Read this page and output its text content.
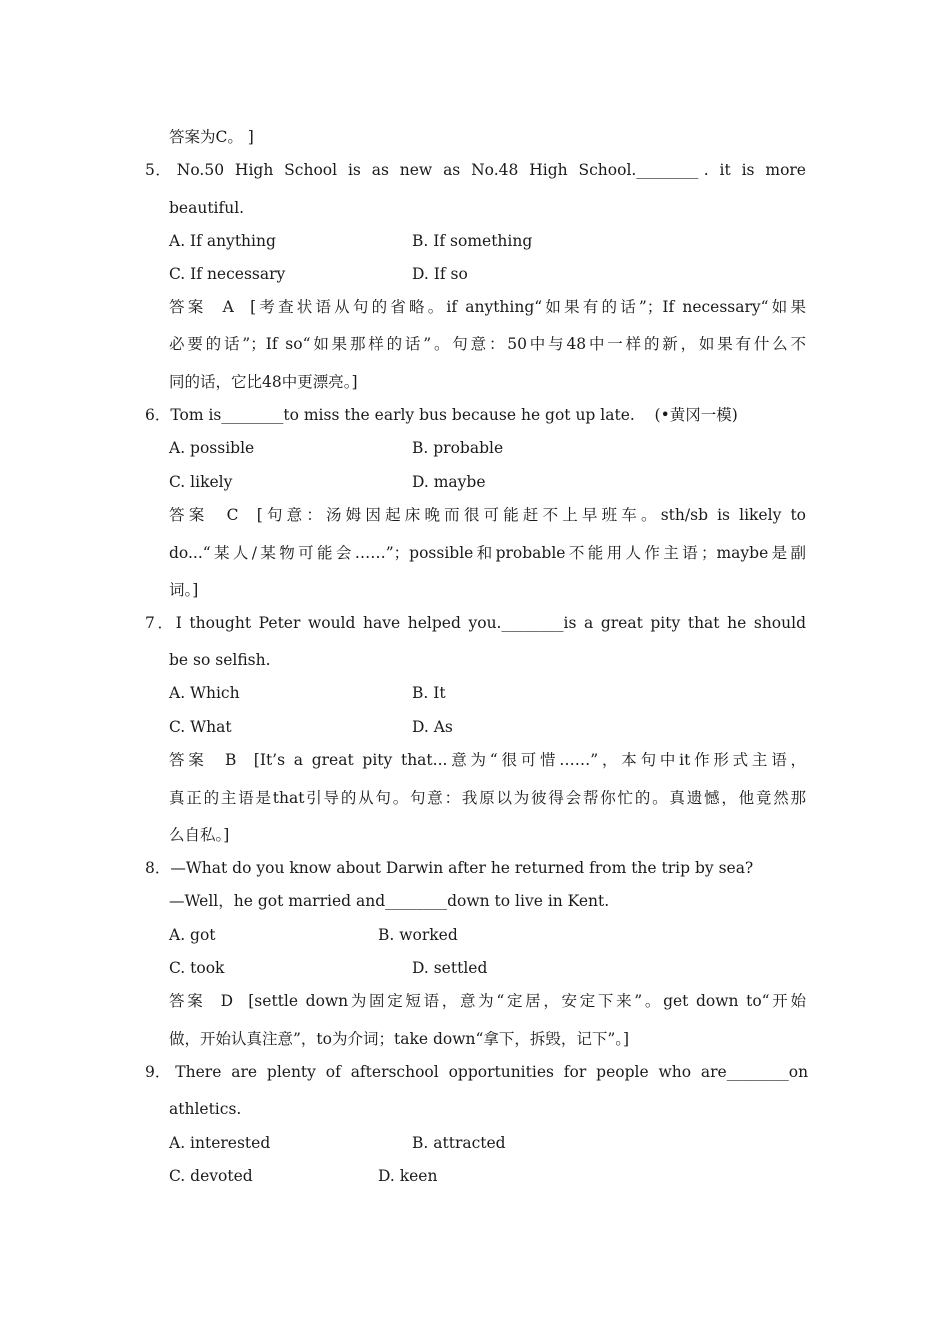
答案为C。 ]
5． No.50  High  School  is  as  new  as  No.48  High  School.________ .  it  is  more
beautiful.
A. If anything	B. If something
C. If necessary	D. If so
答案  A  [考查状语从句的省略。if anything“如果有的话”；If necessary“如果
必要的话”；If so“如果那样的话”。句意：50中与48中一样的新，如果有什么不
同的话，它比48中更漂亮。]
6．Tom is________to miss the early bus because he got up late.    (•黄冈一模)
A. possible	B. probable
C. likely	D. maybe
答案  C  [句意：汤姆因起床晚而很可能赶不上早班车。sth/sb is likely to
do...“某人/某物可能会……”；possible和probable不能用人作主语；maybe是副
词。]
7．I thought Peter would have helped you.________is a great pity that he should
be so selfish.
A. Which	B. It
C. What	D. As
答案  B  [It’s a great pity that...意为“很可惜……”，本句中it作形式主语，
真正的主语是that引导的从句。句意：我原以为彼得会帮你忙的。真遗憾，他竟然那
么自私。]
8．—What do you know about Darwin after he returned from the trip by sea?
—Well，he got married and________down to live in Kent.
A. got	B. worked
C. took	D. settled
答案  D  [settle down为固定短语，意为“定居，安定下来”。get down to“开始
做，开始认真注意”，to为介词；take down“拿下，拆毁，记下”。]
9． There  are  plenty  of  afterschool  opportunities  for  people  who  are________on
athletics.
A. interested	B. attracted
C. devoted	D. keen
